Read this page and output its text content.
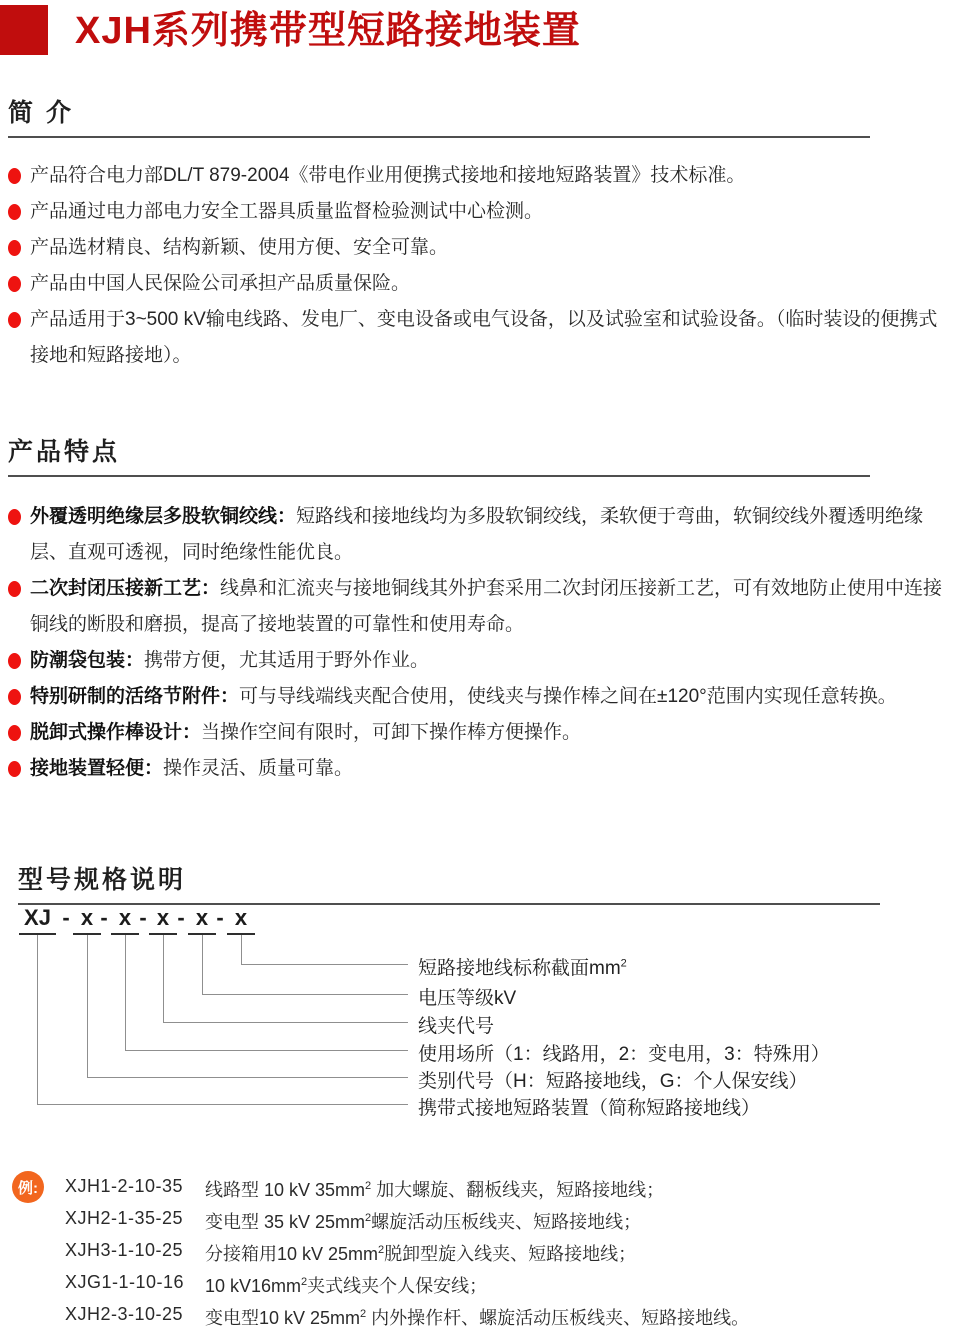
XJH系列携带型短路接地装置
简 介
产品符合电力部DL/T 879-2004《带电作业用便携式接地和接地短路装置》技术标准。
产品通过电力部电力安全工器具质量监督检验测试中心检测。
产品选材精良、结构新颖、使用方便、安全可靠。
产品由中国人民保险公司承担产品质量保险。
产品适用于3~500 kV输电线路、发电厂、变电设备或电气设备，以及试验室和试验设备。（临时装设的便携式接地和短路接地）。
产品特点
外覆透明绝缘层多股软铜绞线：短路线和接地线均为多股软铜绞线，柔软便于弯曲，软铜绞线外覆透明绝缘层、直观可透视，同时绝缘性能优良。
二次封闭压接新工艺：线鼻和汇流夹与接地铜线其外护套采用二次封闭压接新工艺，可有效地防止使用中连接铜线的断股和磨损，提高了接地装置的可靠性和使用寿命。
防潮袋包装：携带方便，尤其适用于野外作业。
特别研制的活络节附件：可与导线端线夹配合使用，使线夹与操作棒之间在±120°范围内实现任意转换。
脱卸式操作棒设计：当操作空间有限时，可卸下操作棒方便操作。
接地装置轻便：操作灵活、质量可靠。
型号规格说明
XJ	x	x	x	x	x
- - - - -
短路接地线标称截面$mm^2$
电压等级kV
线夹代号
使用场所（1：线路用，2：变电用，3：特殊用）
类别代号（H：短路接地线，G：个人保安线）
携带式接地短路装置（简称短路接地线）
例:	XJH1-2-10-35	线路型 10 kV $35mm^2$ 加大螺旋、翻板线夹，短路接地线；
XJH2-1-35-25	变电型 35 kV $25mm^2$螺旋活动压板线夹、短路接地线；
XJH3-1-10-25	分接箱用10 kV $25mm^2$脱卸型旋入线夹、短路接地线；
XJG1-1-10-16	10 $kV16mm^2$夹式线夹个人保安线；
XJH2-3-10-25	变电型10 kV $25mm^2$ 内外操作杆、螺旋活动压板线夹、短路接地线。
